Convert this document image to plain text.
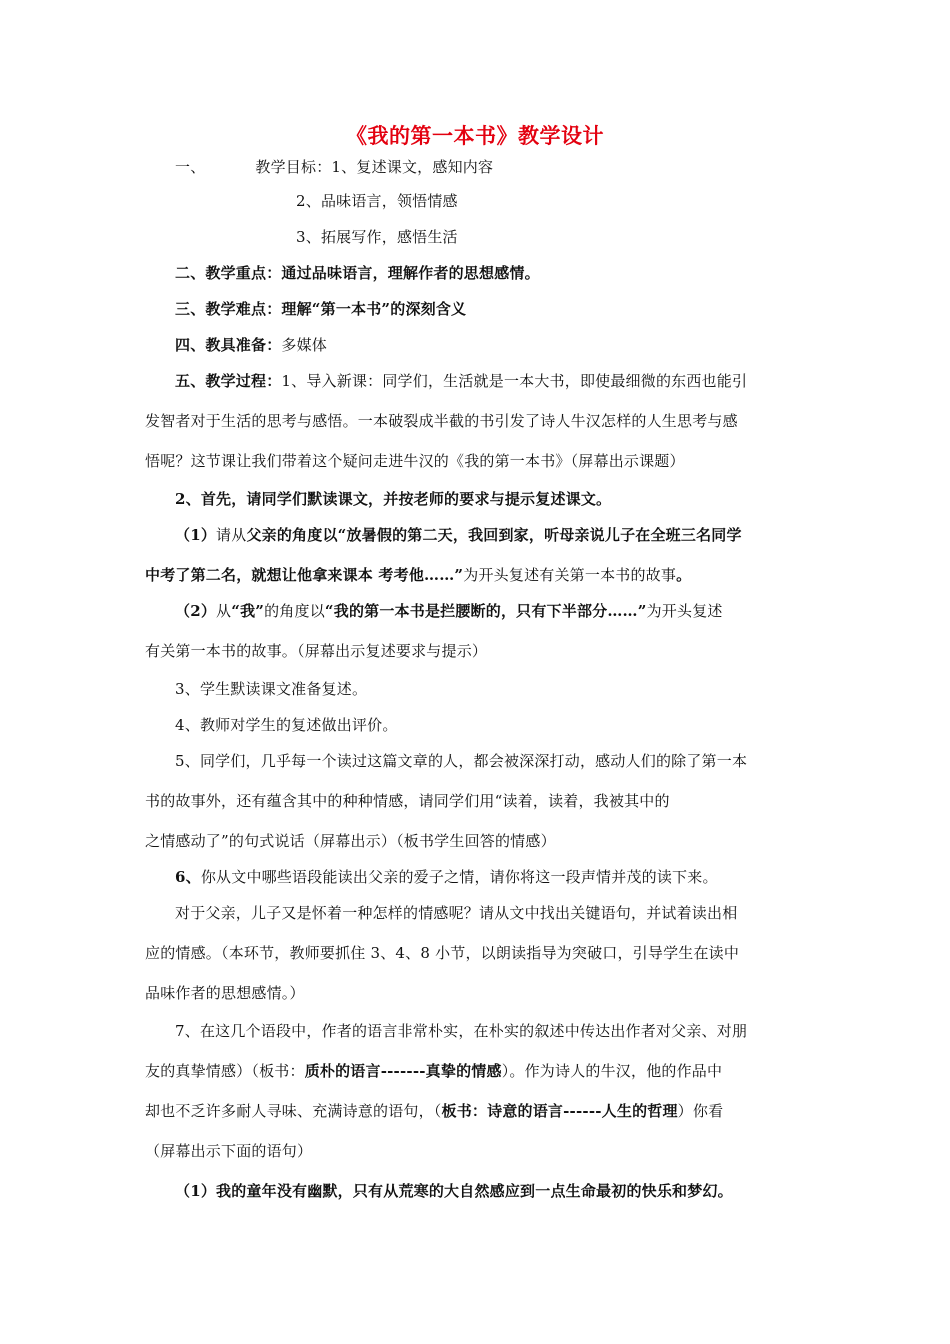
《我的第一本书》教学设计
一、	教学目标：1、复述课文，感知内容
2、品味语言，领悟情感
3、拓展写作，感悟生活
二、教学重点：通过品味语言，理解作者的思想感情。
三、教学难点：理解“第一本书”的深刻含义
四、教具准备：多媒体
五、教学过程：1、导入新课：同学们，生活就是一本大书，即使最细微的东西也能引
发智者对于生活的思考与感悟。一本破裂成半截的书引发了诗人牛汉怎样的人生思考与感
悟呢？这节课让我们带着这个疑问走进牛汉的《我的第一本书》（屏幕出示课题）
2、首先，请同学们默读课文，并按老师的要求与提示复述课文。
（1）请从父亲的角度以“放暑假的第二天，我回到家，听母亲说儿子在全班三名同学
中考了第二名，就想让他拿来课本 考考他……”为开头复述有关第一本书的故事。
（2）从“我”的角度以“我的第一本书是拦腰断的，只有下半部分……”为开头复述
有关第一本书的故事。（屏幕出示复述要求与提示）
3、学生默读课文准备复述。
4、教师对学生的复述做出评价。
5、同学们，几乎每一个读过这篇文章的人，都会被深深打动，感动人们的除了第一本
书的故事外，还有蕴含其中的种种情感，请同学们用“读着，读着，我被其中的
之情感动了”的句式说话（屏幕出示）（板书学生回答的情感）
6、你从文中哪些语段能读出父亲的爱子之情，请你将这一段声情并茂的读下来。
对于父亲，儿子又是怀着一种怎样的情感呢？请从文中找出关键语句，并试着读出相
应的情感。（本环节，教师要抓住 3、4、8 小节，以朗读指导为突破口，引导学生在读中
品味作者的思想感情。）
7、在这几个语段中，作者的语言非常朴实，在朴实的叙述中传达出作者对父亲、对朋
友的真挚情感）（板书：质朴的语言-------真挚的情感）。作为诗人的牛汉，他的作品中
却也不乏许多耐人寻味、充满诗意的语句，（板书：诗意的语言------人生的哲理）你看
（屏幕出示下面的语句）
（1）我的童年没有幽默，只有从荒寒的大自然感应到一点生命最初的快乐和梦幻。
